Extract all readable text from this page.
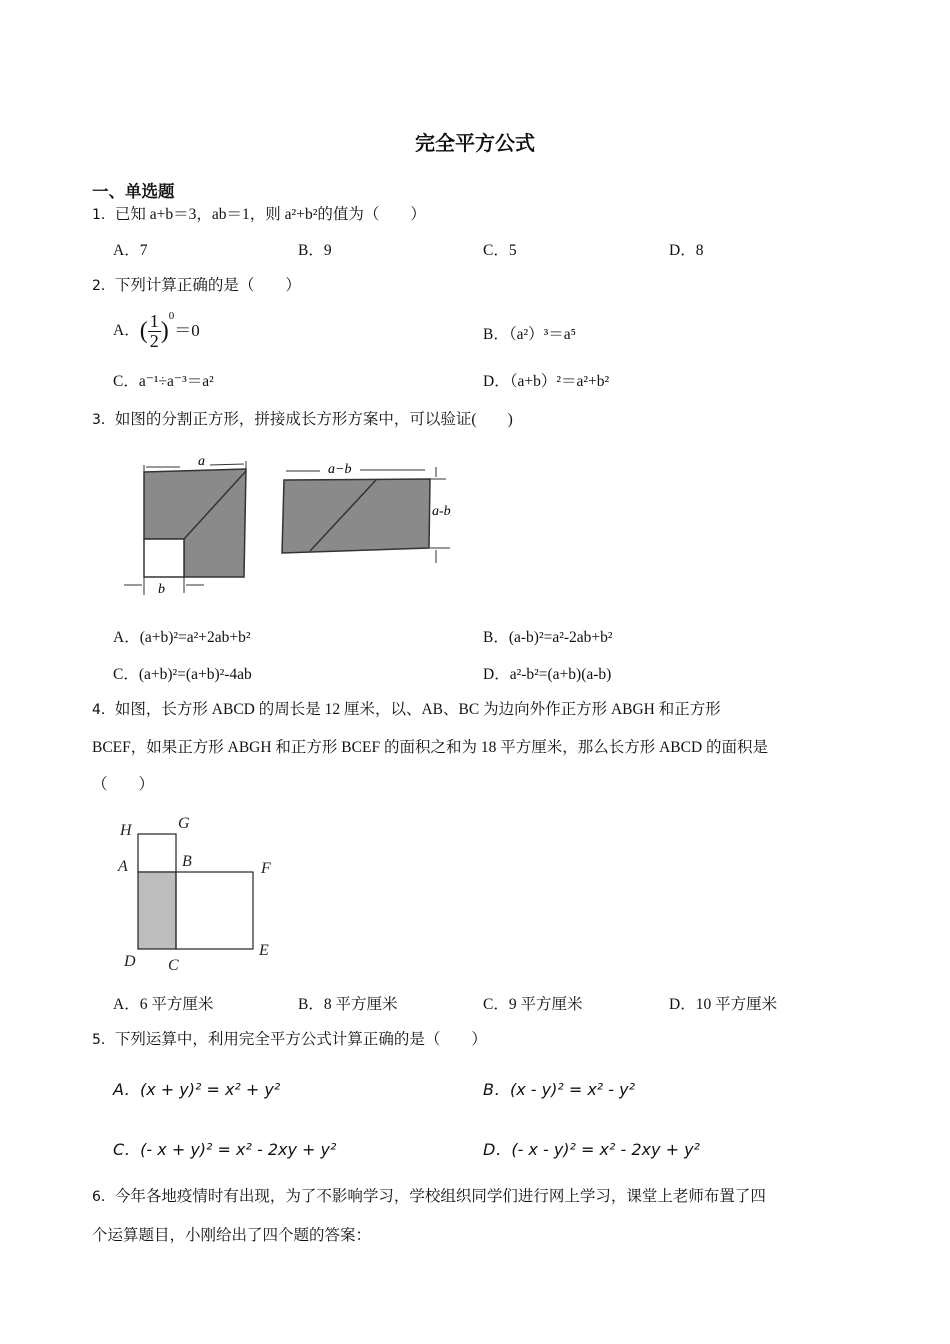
完全平方公式
一、单选题
1．已知 a+b＝3，ab＝1，则 a²+b²的值为（　　）
A．7	B．9	C．5	D．8
2．下列计算正确的是（　　）
A．( $\frac{1}{2} )^0=0$	B．（a²）³＝a⁵
C．a⁻¹÷a⁻³＝a²	D．（a+b）²＝a²+b²
3．如图的分割正方形，拼接成长方形方案中，可以验证(　　)
a
b
a−b
a-b
A．(a+b)²=a²+2ab+b²	B．(a-b)²=a²-2ab+b²
C．(a+b)²=(a+b)²-4ab	D．a²-b²=(a+b)(a-b)
4．如图，长方形 ABCD 的周长是 12 厘米，以、AB、BC 为边向外作正方形 ABGH 和正方形
BCEF，如果正方形 ABGH 和正方形 BCEF 的面积之和为 18 平方厘米，那么长方形 ABCD 的面积是
（　　）
H	G
A	B	F
D C
E
A．6 平方厘米	B．8 平方厘米	C．9 平方厘米	D．10 平方厘米
5．下列运算中，利用完全平方公式计算正确的是（　　）
A．(x + y)² = x² + y²	B．(x - y)² = x² - y²
C．(- x + y)² = x² - 2xy + y²	D．(- x - y)² = x² - 2xy + y²
6．今年各地疫情时有出现，为了不影响学习，学校组织同学们进行网上学习，课堂上老师布置了四
个运算题目，小刚给出了四个题的答案：
